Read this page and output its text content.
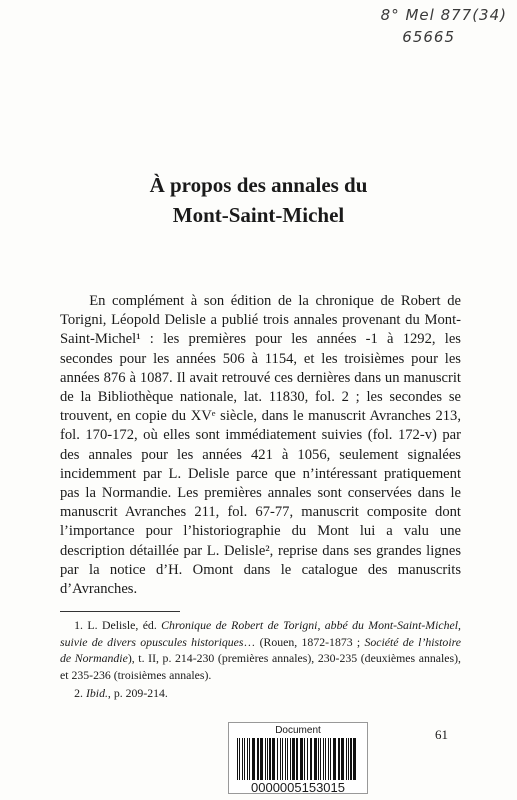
8° Mel 877(34)
65665
À propos des annales du
Mont-Saint-Michel

En complément à son édition de la chronique de Robert de Torigni, Léopold Delisle a publié trois annales provenant du Mont-Saint-Michel¹ : les premières pour les années -1 à 1292, les secondes pour les années 506 à 1154, et les troisièmes pour les années 876 à 1087. Il avait retrouvé ces dernières dans un manuscrit de la Bibliothèque nationale, lat. 11830, fol. 2 ; les secondes se trouvent, en copie du XVᵉ siècle, dans le manuscrit Avranches 213, fol. 170-172, où elles sont immédiatement suivies (fol. 172-v) par des annales pour les années 421 à 1056, seulement signalées incidemment par L. Delisle parce que n’intéressant pratiquement pas la Normandie. Les premières annales sont conservées dans le manuscrit Avranches 211, fol. 67-77, manuscrit composite dont l’importance pour l’historiographie du Mont lui a valu une description détaillée par L. Delisle², reprise dans ses grandes lignes par la notice d’H. Omont dans le catalogue des manuscrits d’Avranches.

1. L. Delisle, éd. Chronique de Robert de Torigni, abbé du Mont-Saint-Michel, suivie de divers opuscules historiques… (Rouen, 1872-1873 ; Société de l’histoire de Normandie), t. II, p. 214-230 (premières annales), 230-235 (deuxièmes annales), et 235-236 (troisièmes annales).

2. Ibid., p. 209-214.

Document
0000005153015
61
